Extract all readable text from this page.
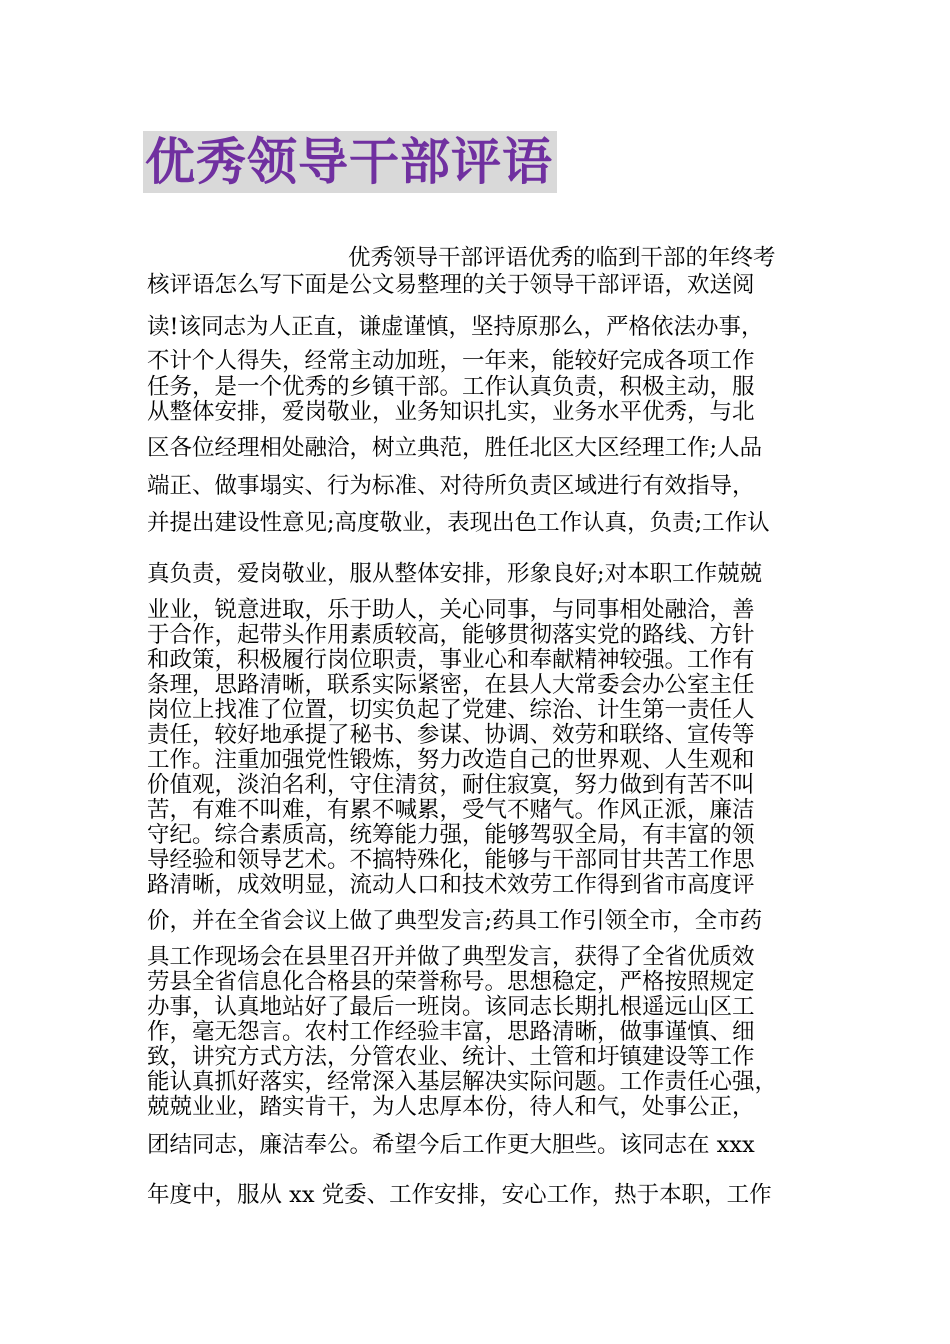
优秀领导干部评语
优秀领导干部评语优秀的临到干部的年终考
核评语怎么写下面是公文易整理的关于领导干部评语，欢送阅
读!该同志为人正直，谦虚谨慎，坚持原那么，严格依法办事，
不计个人得失，经常主动加班，一年来，能较好完成各项工作
任务，是一个优秀的乡镇干部。工作认真负责，积极主动，服
从整体安排，爱岗敬业，业务知识扎实，业务水平优秀，与北
区各位经理相处融洽，树立典范，胜任北区大区经理工作;人品
端正、做事塌实、行为标准、对待所负责区域进行有效指导，
并提出建设性意见;高度敬业，表现出色工作认真，负责;工作认
真负责，爱岗敬业，服从整体安排，形象良好;对本职工作兢兢
业业，锐意进取，乐于助人，关心同事，与同事相处融洽，善
于合作，起带头作用素质较高，能够贯彻落实党的路线、方针
和政策，积极履行岗位职责，事业心和奉献精神较强。工作有
条理，思路清晰，联系实际紧密，在县人大常委会办公室主任
岗位上找准了位置，切实负起了党建、综治、计生第一责任人
责任，较好地承提了秘书、参谋、协调、效劳和联络、宣传等
工作。注重加强党性锻炼，努力改造自己的世界观、人生观和
价值观，淡泊名利，守住清贫，耐住寂寞，努力做到有苦不叫
苦，有难不叫难，有累不喊累，受气不赌气。作风正派，廉洁
守纪。综合素质高，统筹能力强，能够驾驭全局，有丰富的领
导经验和领导艺术。不搞特殊化，能够与干部同甘共苦工作思
路清晰，成效明显，流动人口和技术效劳工作得到省市高度评
价，并在全省会议上做了典型发言;药具工作引领全市，全市药
具工作现场会在县里召开并做了典型发言，获得了全省优质效
劳县全省信息化合格县的荣誉称号。思想稳定，严格按照规定
办事，认真地站好了最后一班岗。该同志长期扎根遥远山区工
作，毫无怨言。农村工作经验丰富，思路清晰，做事谨慎、细
致，讲究方式方法，分管农业、统计、土管和圩镇建设等工作
能认真抓好落实，经常深入基层解决实际问题。工作责任心强，
兢兢业业，踏实肯干，为人忠厚本份，待人和气，处事公正，
团结同志，廉洁奉公。希望今后工作更大胆些。该同志在 xxx
年度中，服从 xx 党委、工作安排，安心工作，热于本职，工作
